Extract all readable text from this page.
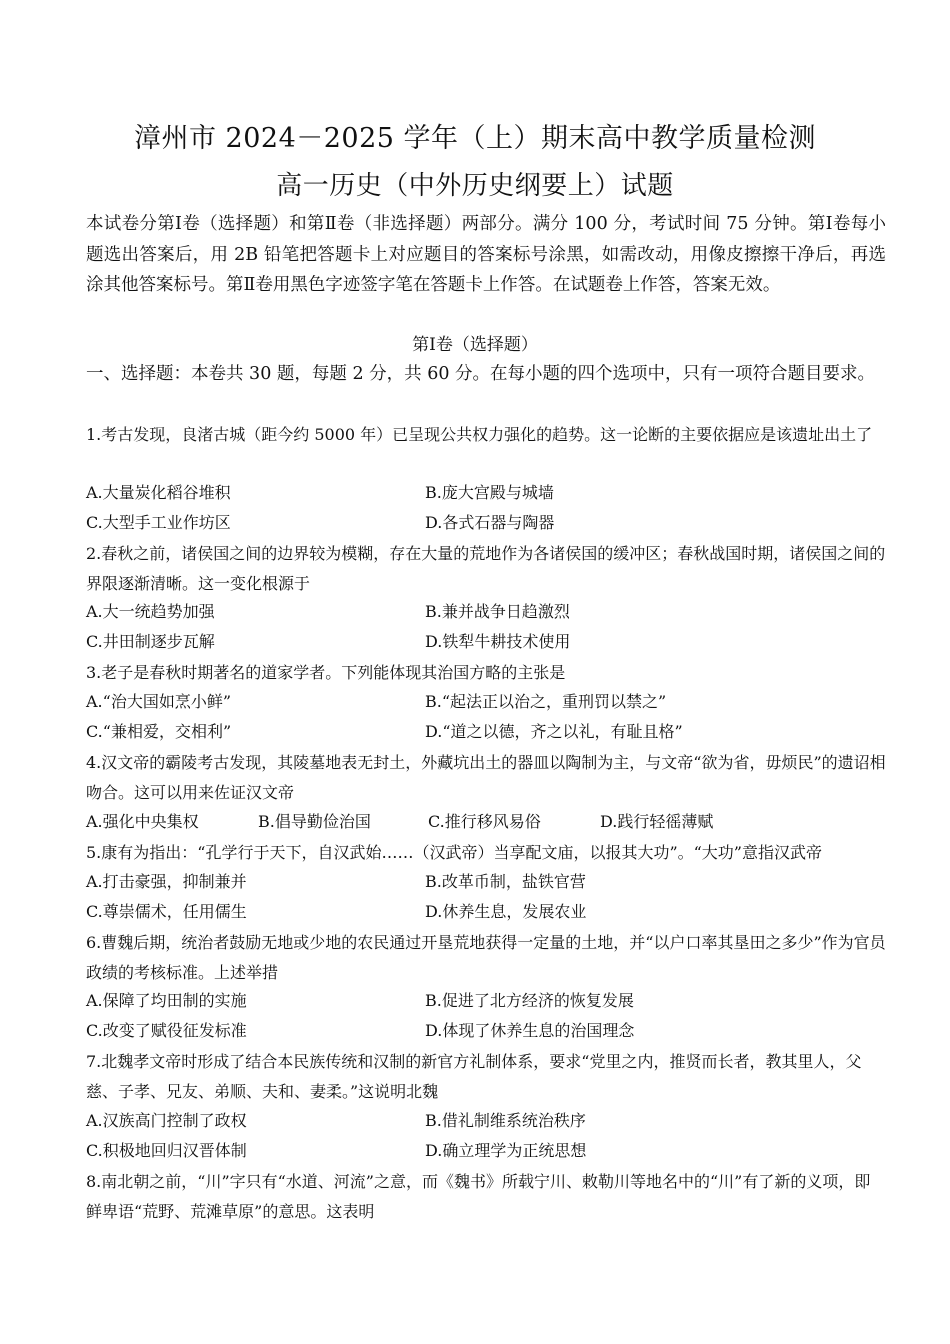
漳州市 2024－2025 学年（上）期末高中教学质量检测
高一历史（中外历史纲要上）试题
本试卷分第Ⅰ卷（选择题）和第Ⅱ卷（非选择题）两部分。满分 100 分，考试时间 75 分钟。第Ⅰ卷每小题选出答案后，用 2B 铅笔把答题卡上对应题目的答案标号涂黑，如需改动，用像皮擦擦干净后，再选涂其他答案标号。第Ⅱ卷用黑色字迹签字笔在答题卡上作答。在试题卷上作答，答案无效。
第Ⅰ卷（选择题）
一、选择题：本卷共 30 题，每题 2 分，共 60 分。在每小题的四个选项中，只有一项符合题目要求。
1.考古发现，良渚古城（距今约 5000 年）已呈现公共权力强化的趋势。这一论断的主要依据应是该遗址出土了
A.大量炭化稻谷堆积	B.庞大宫殿与城墙
C.大型手工业作坊区	D.各式石器与陶器
2.春秋之前，诸侯国之间的边界较为模糊，存在大量的荒地作为各诸侯国的缓冲区；春秋战国时期，诸侯国之间的界限逐渐清晰。这一变化根源于
A.大一统趋势加强	B.兼并战争日趋激烈
C.井田制逐步瓦解	D.铁犁牛耕技术使用
3.老子是春秋时期著名的道家学者。下列能体现其治国方略的主张是
A.“治大国如烹小鲜”	B.“起法正以治之，重刑罚以禁之”
C.“兼相爱，交相利”	D.“道之以德，齐之以礼，有耻且格”
4.汉文帝的霸陵考古发现，其陵墓地表无封土，外藏坑出土的器皿以陶制为主，与文帝“欲为省，毋烦民”的遗诏相吻合。这可以用来佐证汉文帝
A.强化中央集权	B.倡导勤俭治国	C.推行移风易俗	D.践行轻徭薄赋
5.康有为指出：“孔学行于天下，自汉武始……（汉武帝）当享配文庙，以报其大功”。“大功”意指汉武帝
A.打击豪强，抑制兼并	B.改革币制，盐铁官营
C.尊崇儒术，任用儒生	D.休养生息，发展农业
6.曹魏后期，统治者鼓励无地或少地的农民通过开垦荒地获得一定量的土地，并“以户口率其垦田之多少”作为官员政绩的考核标准。上述举措
A.保障了均田制的实施	B.促进了北方经济的恢复发展
C.改变了赋役征发标准	D.体现了休养生息的治国理念
7.北魏孝文帝时形成了结合本民族传统和汉制的新官方礼制体系，要求“党里之内，推贤而长者，教其里人，父慈、子孝、兄友、弟顺、夫和、妻柔。”这说明北魏
A.汉族高门控制了政权	B.借礼制维系统治秩序
C.积极地回归汉晋体制	D.确立理学为正统思想
8.南北朝之前，“川”字只有“水道、河流”之意，而《魏书》所载宁川、敕勒川等地名中的“川”有了新的义项，即鲜卑语“荒野、荒滩草原”的意思。这表明
